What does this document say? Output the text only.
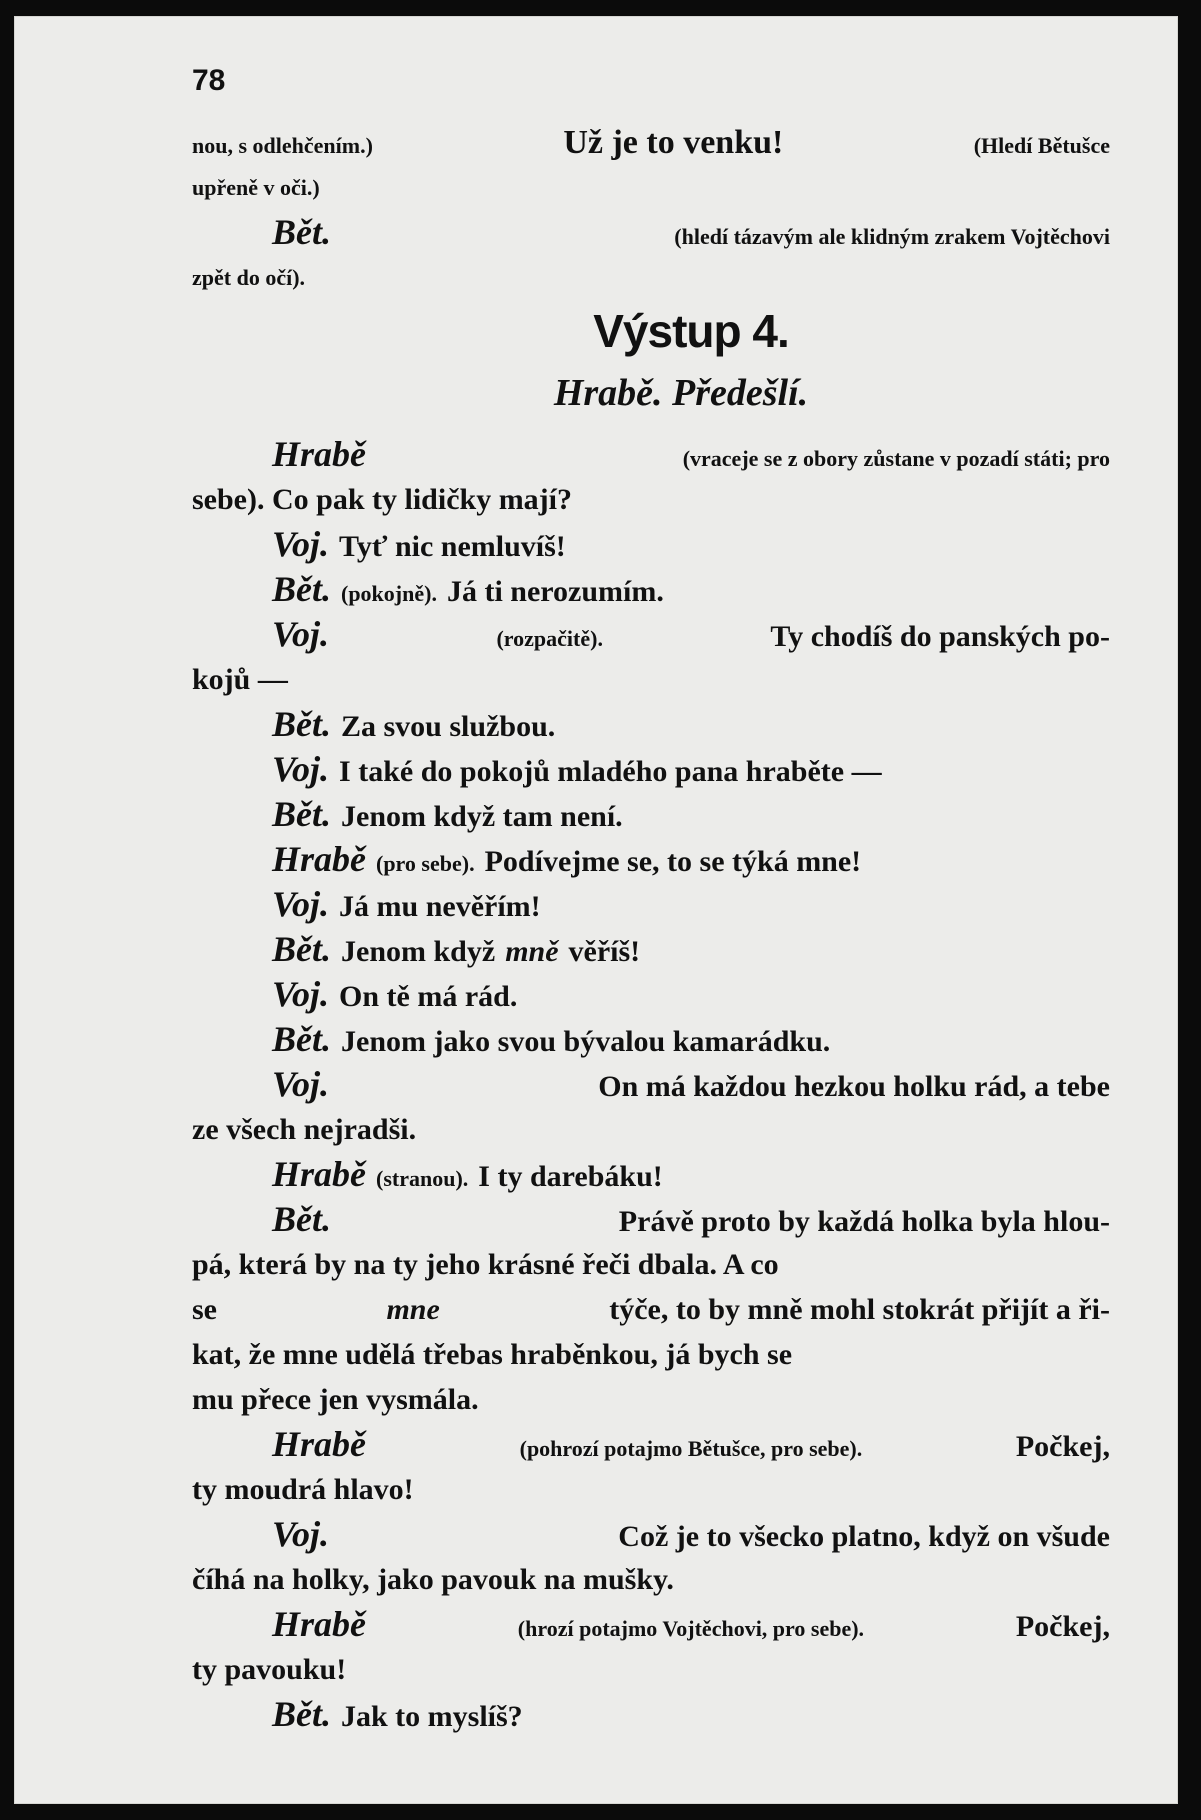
78
nou, s odlehčením.)	Už je to venku!	(Hledí Bětušce
upřeně v oči.)
Bět.	(hledí tázavým ale klidným zrakem Vojtěchovi
zpět do očí).
Výstup 4.
Hrabě. Předešlí.
Hrabě	(vraceje se z obory zůstane v pozadí státi; pro
sebe). Co pak ty lidičky mají?
Voj. Tyť nic nemluvíš!
Bět. (pokojně). Já ti nerozumím.
Voj.	(rozpačitě).	Ty chodíš do panských po-
kojů —
Bět. Za svou službou.
Voj. I také do pokojů mladého pana hraběte —
Bět. Jenom když tam není.
Hrabě (pro sebe). Podívejme se, to se týká mne!
Voj. Já mu nevěřím!
Bět. Jenom když mně věříš!
Voj. On tě má rád.
Bět. Jenom jako svou bývalou kamarádku.
Voj.	On má každou hezkou holku rád, a tebe
ze všech nejradši.
Hrabě (stranou). I ty darebáku!
Bět.	Právě proto by každá holka byla hlou-
pá, která by na ty jeho krásné řeči dbala. A co
se	mne	týče, to by mně mohl stokrát přijít a ři-
kat, že mne udělá třebas hraběnkou, já bych se
mu přece jen vysmála.
Hrabě	(pohrozí potajmo Bětušce, pro sebe).	Počkej,
ty moudrá hlavo!
Voj.	Což je to všecko platno, když on všude
číhá na holky, jako pavouk na mušky.
Hrabě	(hrozí potajmo Vojtěchovi, pro sebe).	Počkej,
ty pavouku!
Bět. Jak to myslíš?
